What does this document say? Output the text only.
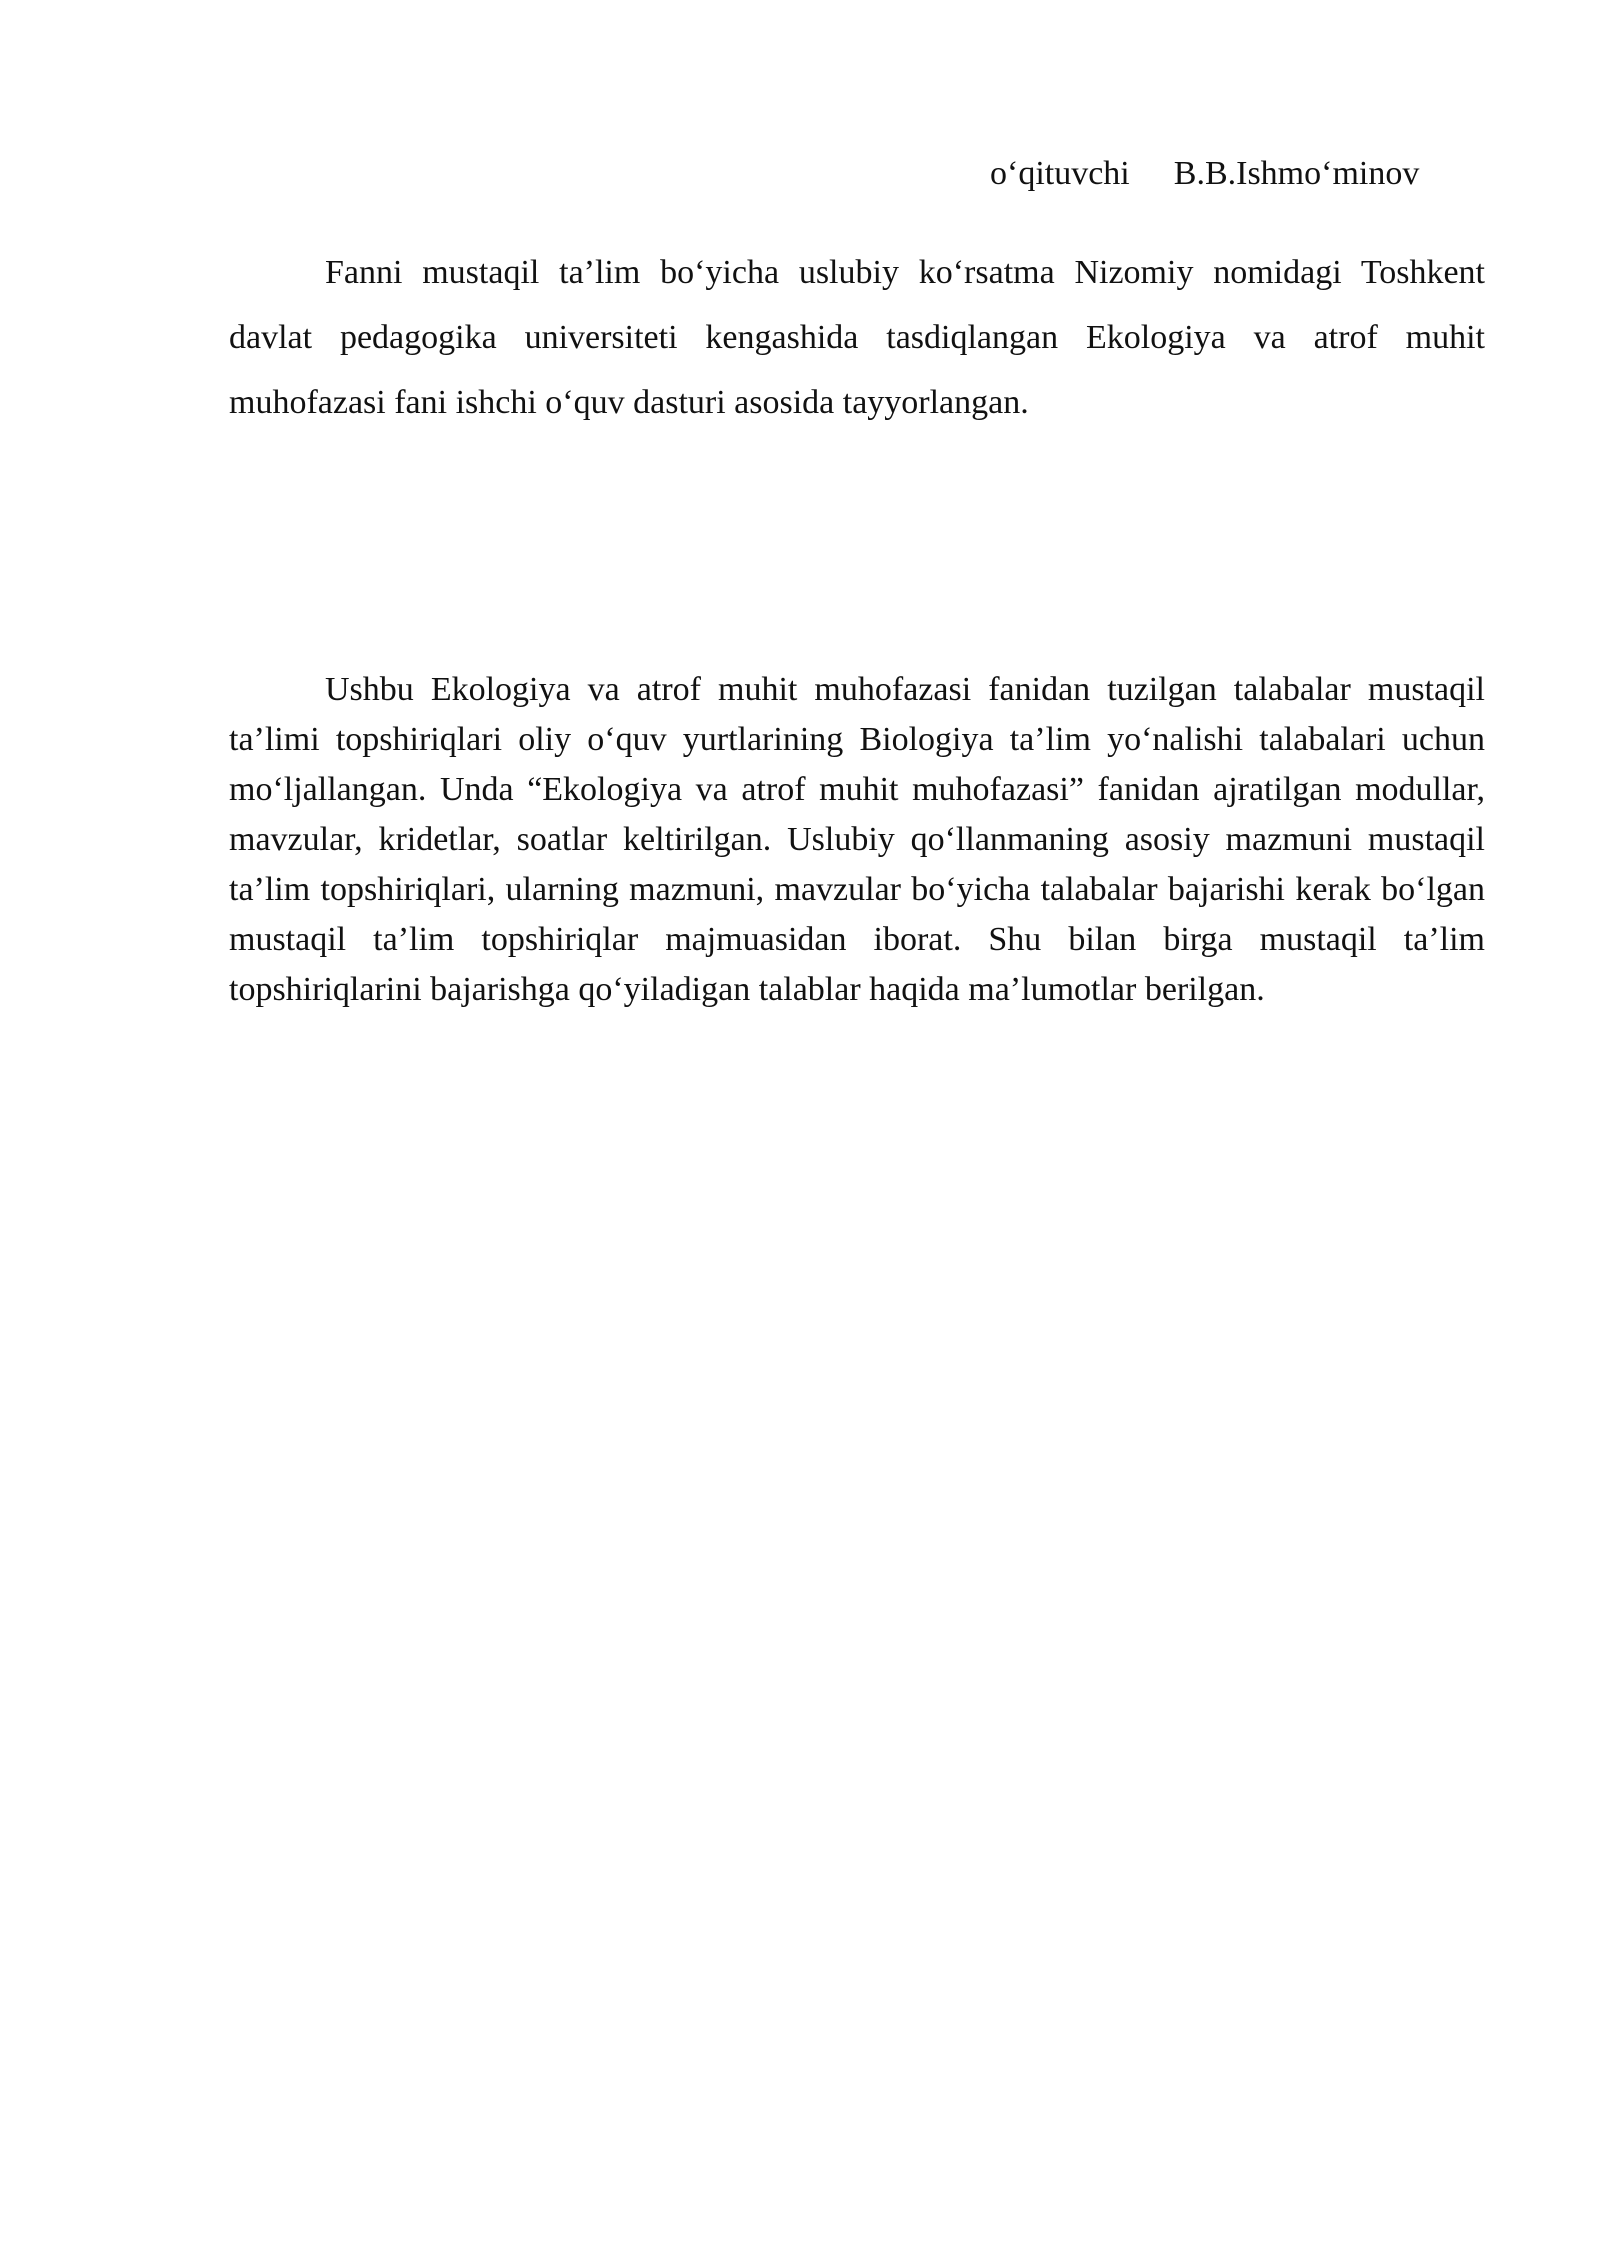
o‘qituvchi B.B.Ishmo‘minov

Fanni mustaqil ta’lim bo‘yicha uslubiy ko‘rsatma Nizomiy nomidagi Toshkent davlat pedagogika universiteti kengashida tasdiqlangan Ekologiya va atrof muhit muhofazasi fani ishchi o‘quv dasturi asosida tayyorlangan.

Ushbu Ekologiya va atrof muhit muhofazasi fanidan tuzilgan talabalar mustaqil ta’limi topshiriqlari oliy o‘quv yurtlarining Biologiya ta’lim yo‘nalishi talabalari uchun mo‘ljallangan. Unda “Ekologiya va atrof muhit muhofazasi” fanidan ajratilgan modullar, mavzular, kridetlar, soatlar keltirilgan. Uslubiy qo‘llanmaning asosiy mazmuni mustaqil ta’lim topshiriqlari, ularning mazmuni, mavzular bo‘yicha talabalar bajarishi kerak bo‘lgan mustaqil ta’lim topshiriqlar majmuasidan iborat. Shu bilan birga mustaqil ta’lim topshiriqlarini bajarishga qo‘yiladigan talablar haqida ma’lumotlar berilgan.
